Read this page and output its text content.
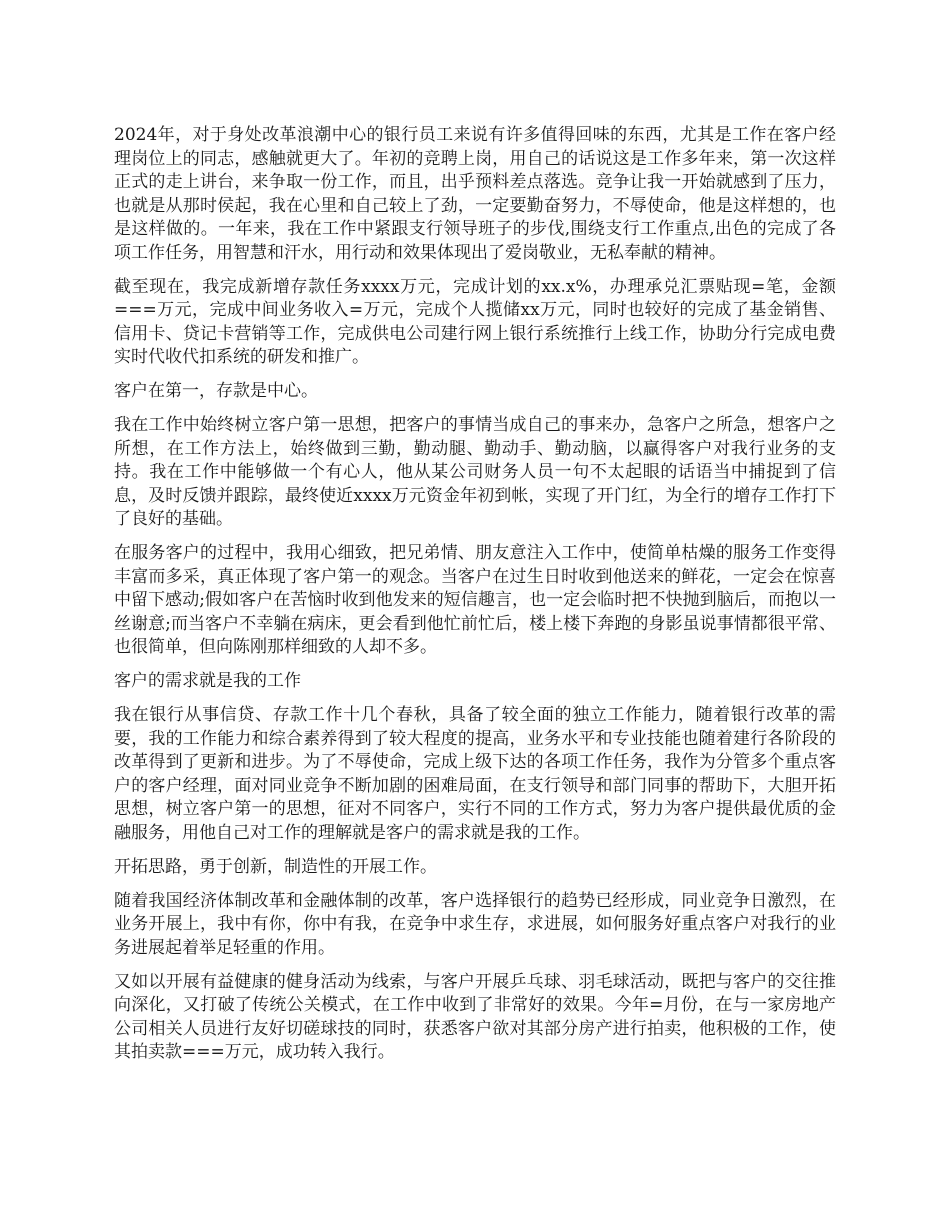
2024年，对于身处改革浪潮中心的银行员工来说有许多值得回味的东西，尤其是工作在客户经理岗位上的同志，感触就更大了。年初的竞聘上岗，用自己的话说这是工作多年来，第一次这样正式的走上讲台，来争取一份工作，而且，出乎预料差点落选。竞争让我一开始就感到了压力，也就是从那时侯起，我在心里和自己较上了劲，一定要勤奋努力，不辱使命，他是这样想的，也是这样做的。一年来，我在工作中紧跟支行领导班子的步伐,围绕支行工作重点,出色的完成了各项工作任务，用智慧和汗水，用行动和效果体现出了爱岗敬业，无私奉献的精神。

截至现在，我完成新增存款任务xxxx万元，完成计划的xx.x%，办理承兑汇票贴现=笔，金额===万元，完成中间业务收入=万元，完成个人揽储xx万元，同时也较好的完成了基金销售、信用卡、贷记卡营销等工作，完成供电公司建行网上银行系统推行上线工作，协助分行完成电费实时代收代扣系统的研发和推广。

客户在第一，存款是中心。

我在工作中始终树立客户第一思想，把客户的事情当成自己的事来办，急客户之所急，想客户之所想，在工作方法上，始终做到三勤，勤动腿、勤动手、勤动脑，以赢得客户对我行业务的支持。我在工作中能够做一个有心人，他从某公司财务人员一句不太起眼的话语当中捕捉到了信息，及时反馈并跟踪，最终使近xxxx万元资金年初到帐，实现了开门红，为全行的增存工作打下了良好的基础。

在服务客户的过程中，我用心细致，把兄弟情、朋友意注入工作中，使简单枯燥的服务工作变得丰富而多采，真正体现了客户第一的观念。当客户在过生日时收到他送来的鲜花，一定会在惊喜中留下感动;假如客户在苦恼时收到他发来的短信趣言，也一定会临时把不快抛到脑后，而抱以一丝谢意;而当客户不幸躺在病床，更会看到他忙前忙后，楼上楼下奔跑的身影虽说事情都很平常、也很简单，但向陈刚那样细致的人却不多。

客户的需求就是我的工作

我在银行从事信贷、存款工作十几个春秋，具备了较全面的独立工作能力，随着银行改革的需要，我的工作能力和综合素养得到了较大程度的提高，业务水平和专业技能也随着建行各阶段的改革得到了更新和进步。为了不辱使命，完成上级下达的各项工作任务，我作为分管多个重点客户的客户经理，面对同业竞争不断加剧的困难局面，在支行领导和部门同事的帮助下，大胆开拓思想，树立客户第一的思想，征对不同客户，实行不同的工作方式，努力为客户提供最优质的金融服务，用他自己对工作的理解就是客户的需求就是我的工作。

开拓思路，勇于创新，制造性的开展工作。

随着我国经济体制改革和金融体制的改革，客户选择银行的趋势已经形成，同业竞争日激烈，在业务开展上，我中有你，你中有我，在竞争中求生存，求进展，如何服务好重点客户对我行的业务进展起着举足轻重的作用。

又如以开展有益健康的健身活动为线索，与客户开展乒乓球、羽毛球活动，既把与客户的交往推向深化，又打破了传统公关模式，在工作中收到了非常好的效果。今年=月份，在与一家房地产公司相关人员进行友好切磋球技的同时，获悉客户欲对其部分房产进行拍卖，他积极的工作，使其拍卖款===万元，成功转入我行。
